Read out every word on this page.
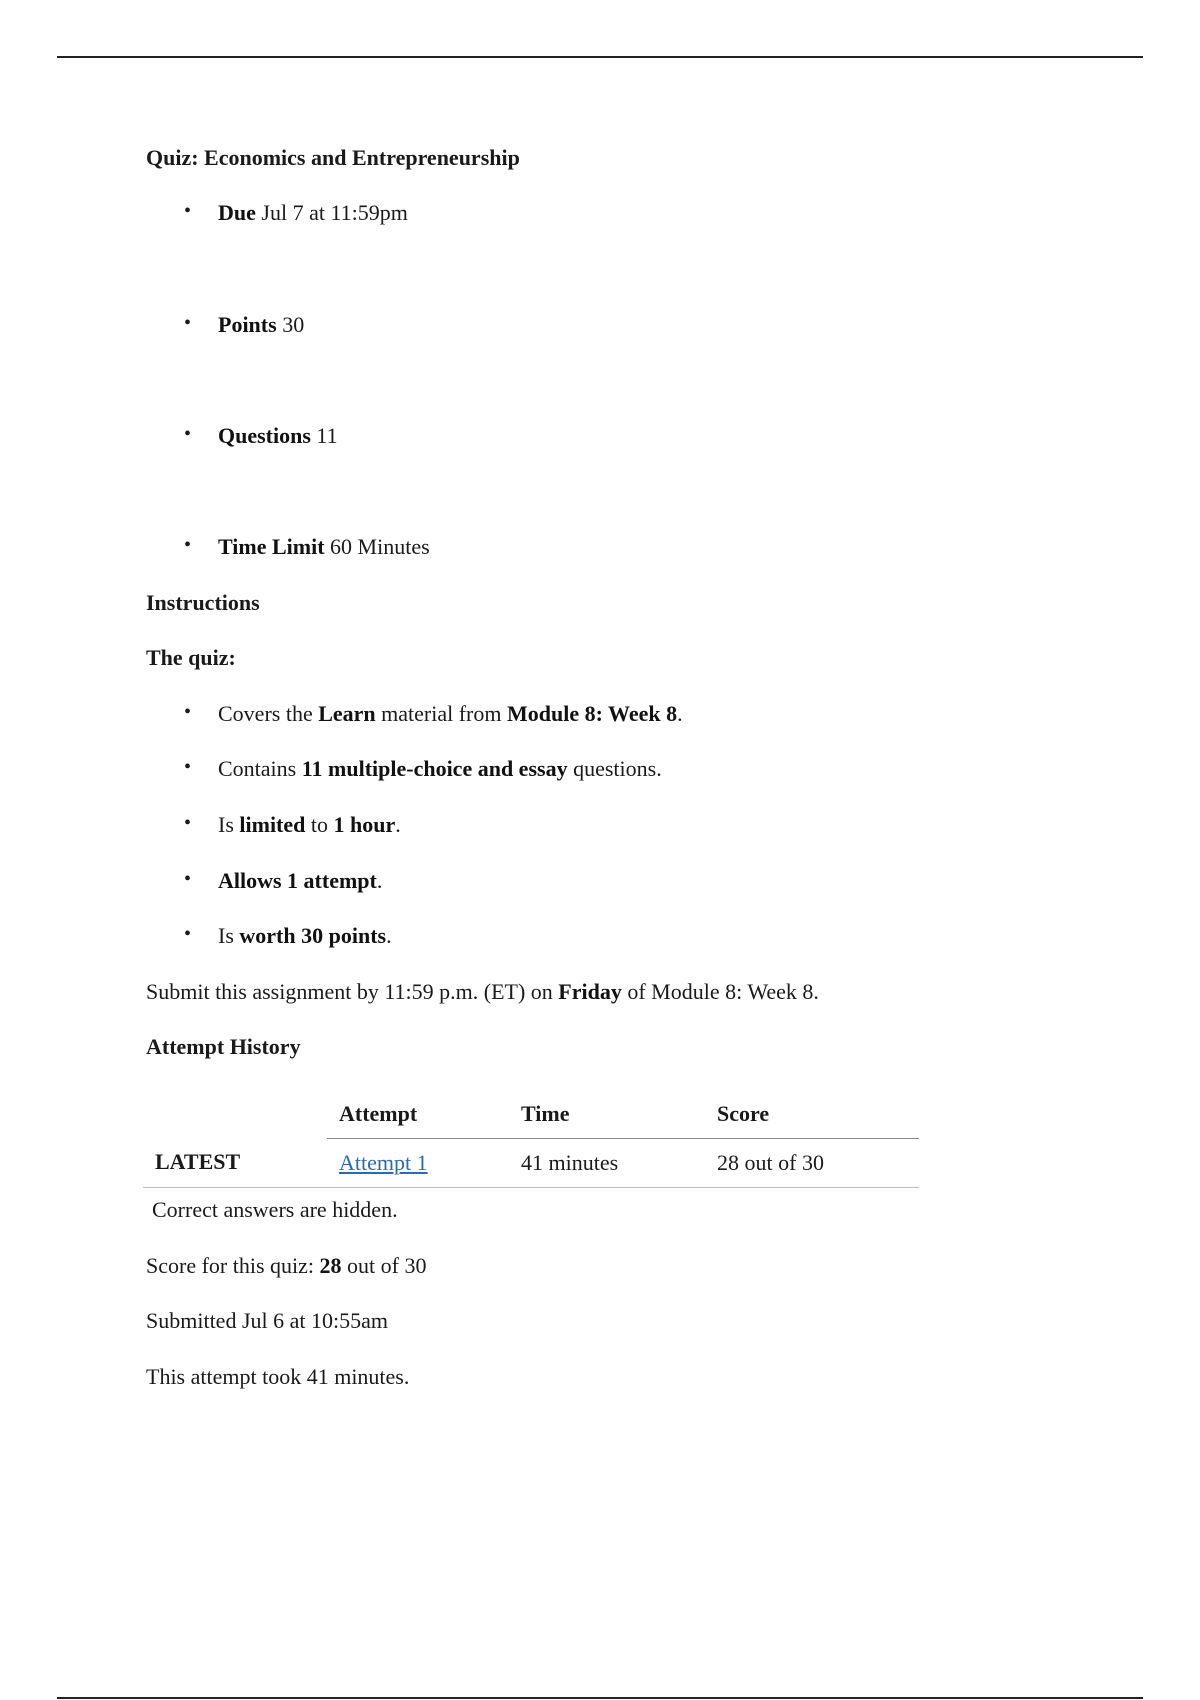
Quiz: Economics and Entrepreneurship
• Due Jul 7 at 11:59pm
• Points 30
• Questions 11
• Time Limit 60 Minutes
Instructions
The quiz:
• Covers the Learn material from Module 8: Week 8.
• Contains 11 multiple-choice and essay questions.
• Is limited to 1 hour.
• Allows 1 attempt.
• Is worth 30 points.
Submit this assignment by 11:59 p.m. (ET) on Friday of Module 8: Week 8.
Attempt History
	Attempt	Time	Score
LATEST	Attempt 1	41 minutes	28 out of 30
Correct answers are hidden.
Score for this quiz: 28 out of 30
Submitted Jul 6 at 10:55am
This attempt took 41 minutes.
